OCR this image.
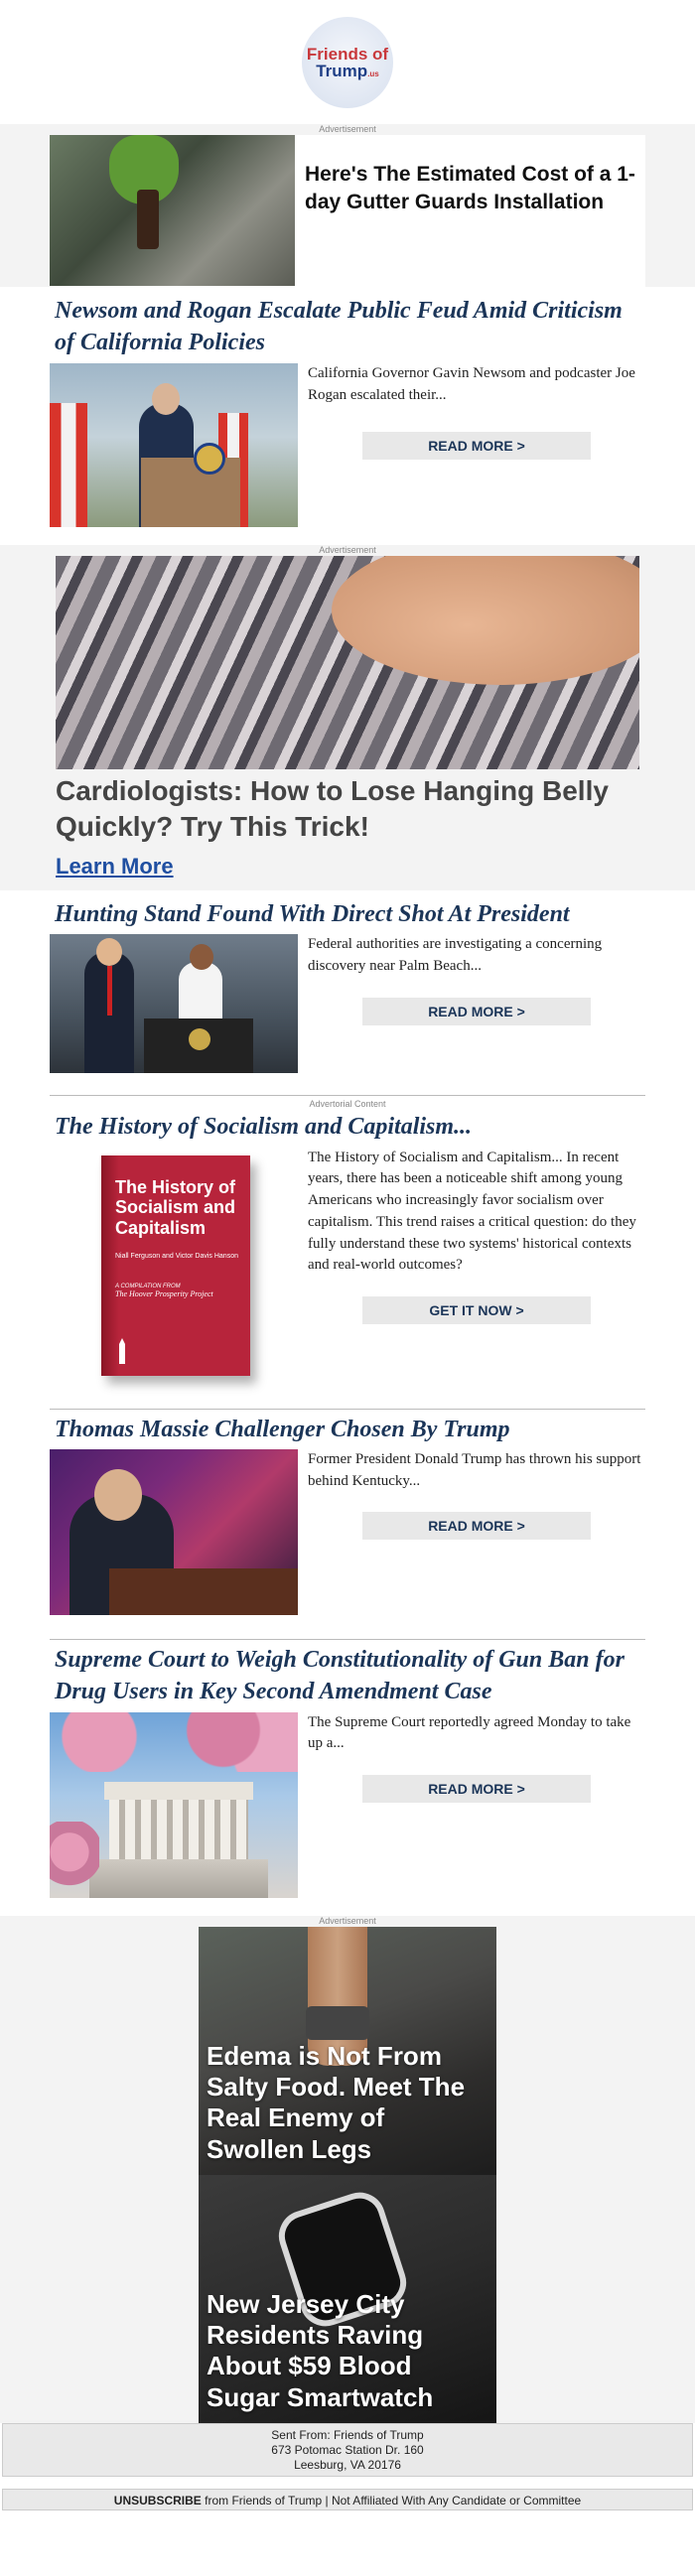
Friends of
Trump.us
Advertisement
Here's The Estimated Cost of a 1-day Gutter Guards Installation
Newsom and Rogan Escalate Public Feud Amid Criticism of California Policies
California Governor Gavin Newsom and podcaster Joe Rogan escalated their...
READ MORE >
Advertisement
Cardiologists: How to Lose Hanging Belly Quickly? Try This Trick!
Learn More
Hunting Stand Found With Direct Shot At President
Federal authorities are investigating a concerning discovery near Palm Beach...
READ MORE >
Advertorial Content
The History of Socialism and Capitalism...
The History of Socialism and Capitalism
Niall Ferguson and Victor Davis Hanson
A COMPILATION FROM
The Hoover Prosperity Project
The History of Socialism and Capitalism... In recent years, there has been a noticeable shift among young Americans who increasingly favor socialism over capitalism. This trend raises a critical question: do they fully understand these two systems' historical contexts and real-world outcomes?
GET IT NOW >
Thomas Massie Challenger Chosen By Trump
Former President Donald Trump has thrown his support behind Kentucky...
READ MORE >
Supreme Court to Weigh Constitutionality of Gun Ban for Drug Users in Key Second Amendment Case
The Supreme Court reportedly agreed Monday to take up a...
READ MORE >
Advertisement
Edema is Not From Salty Food. Meet The Real Enemy of Swollen Legs
New Jersey City Residents Raving About $59 Blood Sugar Smartwatch
Sent From: Friends of Trump
673 Potomac Station Dr. 160
Leesburg, VA 20176
UNSUBSCRIBE from Friends of Trump | Not Affiliated With Any Candidate or Committee
